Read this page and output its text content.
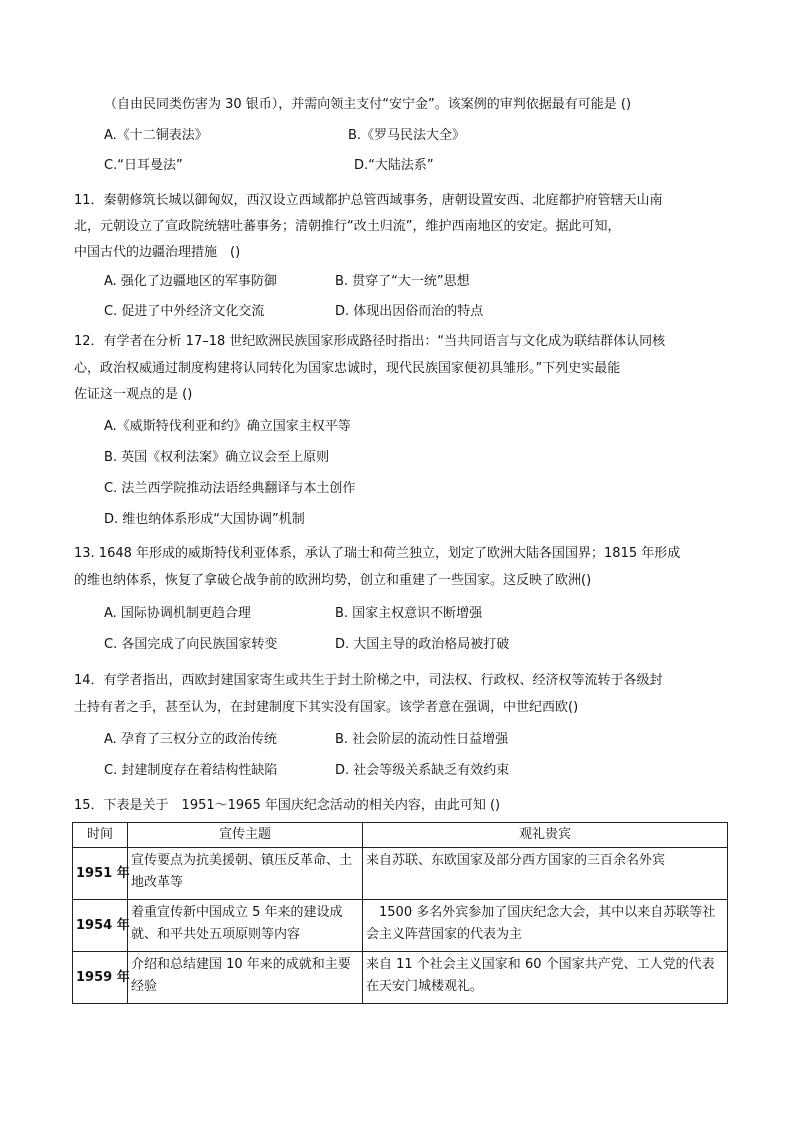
（自由民同类伤害为 30 银币），并需向领主支付“安宁金”。该案例的审判依据最有可能是 ()
A.《十二铜表法》	B.《罗马民法大全》
C.“日耳曼法”	D.“大陆法系”
11．秦朝修筑长城以御匈奴，西汉设立西域都护总管西域事务，唐朝设置安西、北庭都护府管辖天山南
北，元朝设立了宣政院统辖吐蕃事务；清朝推行“改土归流”，维护西南地区的安定。据此可知，
中国古代的边疆治理措施　()
A. 强化了边疆地区的军事防御	B. 贯穿了“大一统”思想
C. 促进了中外经济文化交流	D. 体现出因俗而治的特点
12．有学者在分析 17–18 世纪欧洲民族国家形成路径时指出：“当共同语言与文化成为联结群体认同核
心，政治权威通过制度构建将认同转化为国家忠诚时，现代民族国家便初具雏形。”下列史实最能
佐证这一观点的是 ()
A.《威斯特伐利亚和约》确立国家主权平等
B. 英国《权利法案》确立议会至上原则
C. 法兰西学院推动法语经典翻译与本土创作
D. 维也纳体系形成“大国协调”机制
13. 1648 年形成的威斯特伐利亚体系，承认了瑞士和荷兰独立，划定了欧洲大陆各国国界；1815 年形成
的维也纳体系，恢复了拿破仑战争前的欧洲均势，创立和重建了一些国家。这反映了欧洲()
A. 国际协调机制更趋合理	B. 国家主权意识不断增强
C. 各国完成了向民族国家转变	D. 大国主导的政治格局被打破
14．有学者指出，西欧封建国家寄生或共生于封土阶梯之中，司法权、行政权、经济权等流转于各级封
土持有者之手，甚至认为，在封建制度下其实没有国家。该学者意在强调，中世纪西欧()
A. 孕育了三权分立的政治传统	B. 社会阶层的流动性日益增强
C. 封建制度存在着结构性缺陷	D. 社会等级关系缺乏有效约束
15．下表是关于　1951～1965 年国庆纪念活动的相关内容，由此可知 ()
时间	宣传主题	观礼贵宾
1951 年	宣传要点为抗美援朝、镇压反革命、土地改革等	来自苏联、东欧国家及部分西方国家的三百余名外宾
1954 年	着重宣传新中国成立 5 年来的建设成就、和平共处五项原则等内容	　1500 多名外宾参加了国庆纪念大会，其中以来自苏联等社会主义阵营国家的代表为主
1959 年	介绍和总结建国 10 年来的成就和主要经验	来自 11 个社会主义国家和 60 个国家共产党、工人党的代表在天安门城楼观礼。
